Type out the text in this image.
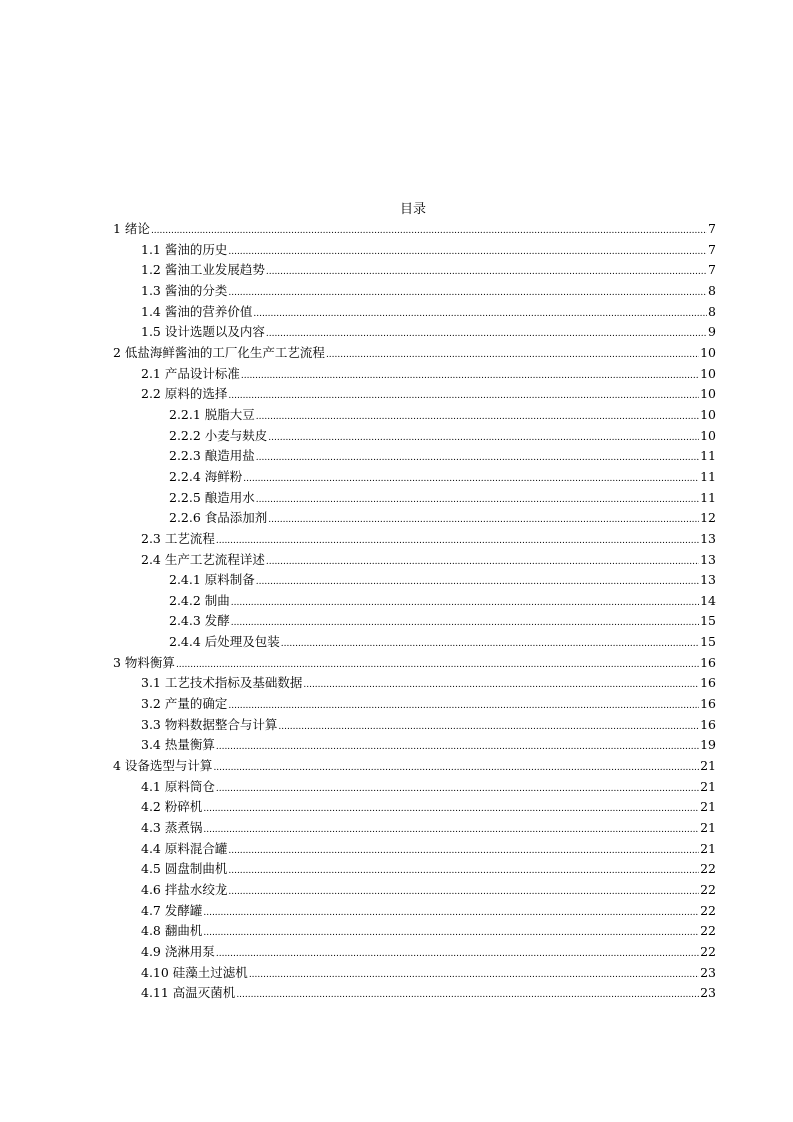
目录
1 绪论 .....	7
1.1 酱油的历史 .....	7
1.2 酱油工业发展趋势 .....	7
1.3 酱油的分类 .....	8
1.4 酱油的营养价值 .....	8
1.5 设计选题以及内容 .....	9
2 低盐海鲜酱油的工厂化生产工艺流程 .....	10
2.1 产品设计标准 .....	10
2.2 原料的选择 .....	10
2.2.1 脱脂大豆 .....	10
2.2.2 小麦与麸皮 .....	10
2.2.3 酿造用盐 .....	11
2.2.4 海鲜粉 .....	11
2.2.5 酿造用水 .....	11
2.2.6 食品添加剂 .....	12
2.3 工艺流程 .....	13
2.4 生产工艺流程详述 .....	13
2.4.1 原料制备 .....	13
2.4.2 制曲 .....	14
2.4.3 发酵 .....	15
2.4.4 后处理及包装 .....	15
3 物料衡算 .....	16
3.1 工艺技术指标及基础数据 .....	16
3.2 产量的确定 .....	16
3.3 物料数据整合与计算 .....	16
3.4 热量衡算 .....	19
4 设备选型与计算 .....	21
4.1 原料筒仓 .....	21
4.2 粉碎机 .....	21
4.3 蒸煮锅 .....	21
4.4 原料混合罐 .....	21
4.5 圆盘制曲机 .....	22
4.6 拌盐水绞龙 .....	22
4.7 发酵罐 .....	22
4.8 翻曲机 .....	22
4.9 浇淋用泵 .....	22
4.10 硅藻土过滤机 .....	23
4.11 高温灭菌机 .....	23
